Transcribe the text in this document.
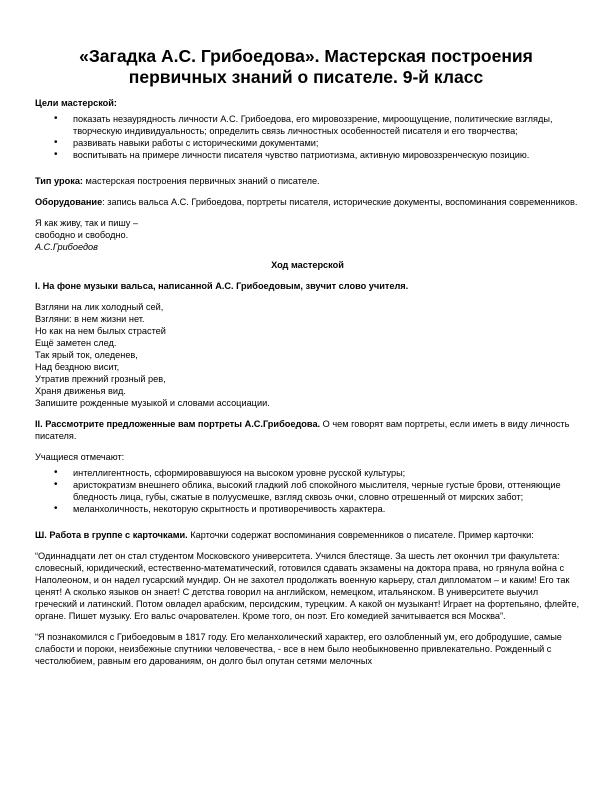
«Загадка А.С. Грибоедова». Мастерская построения
первичных знаний о писателе. 9-й класс

Цели мастерской:

• показать незаурядность личности А.С. Грибоедова, его мировоззрение, мироощущение, политические взгляды, творческую индивидуальность; определить связь личностных особенностей писателя и его творчества;
• развивать навыки работы с историческими документами;
• воспитывать на примере личности писателя чувство патриотизма, активную мировоззренческую позицию.

Тип урока: мастерская построения первичных знаний о писателе.

Оборудование: запись вальса А.С. Грибоедова, портреты писателя, исторические документы, воспоминания современников.

Я как живу, так и пишу –

свободно и свободно.

А.С.Грибоедов

Ход мастерской

I. На фоне музыки вальса, написанной А.С. Грибоедовым, звучит слово учителя.

Взгляни на лик холодный сей,

Взгляни: в нем жизни нет.

Но как на нем былых страстей

Ещё заметен след.

Так ярый ток, оледенев,

Над бездною висит,

Утратив прежний грозный рев,

Храня движенья вид.

Запишите рожденные музыкой и словами ассоциации.

II. Рассмотрите предложенные вам портреты А.С.Грибоедова. О чем говорят вам портреты, если иметь в виду личность писателя.

Учащиеся отмечают:

• интеллигентность, сформировавшуюся на высоком уровне русской культуры;
• аристократизм внешнего облика, высокий гладкий лоб спокойного мыслителя, черные густые брови, оттеняющие бледность лица, губы, сжатые в полуусмешке, взгляд сквозь очки, словно отрешенный от мирских забот;
• меланхоличность, некоторую скрытность и противоречивость характера.

Ш. Работа в группе с карточками. Карточки содержат воспоминания современников о писателе. Пример карточки:

“Одиннадцати лет он стал студентом Московского университета. Учился блестяще. За шесть лет окончил три факультета: словесный, юридический, естественно-математический, готовился сдавать экзамены на доктора права, но грянула война с Наполеоном, и он надел гусарский мундир. Он не захотел продолжать военную карьеру, стал дипломатом – и каким! Его так ценят! А сколько языков он знает! С детства говорил на английском, немецком, итальянском. В университете выучил греческий и латинский. Потом овладел арабским, персидским, турецким. А какой он музыкант! Играет на фортепьяно, флейте, органе. Пишет музыку. Его вальс очарователен. Кроме того, он поэт. Его комедией зачитывается вся Москва”.

“Я познакомился с Грибоедовым в 1817 году. Его меланхолический характер, его озлобленный ум, его добродушие, самые слабости и пороки, неизбежные спутники человечества, - все в нем было необыкновенно привлекательно. Рожденный с честолюбием, равным его дарованиям, он долго был опутан сетями мелочных
